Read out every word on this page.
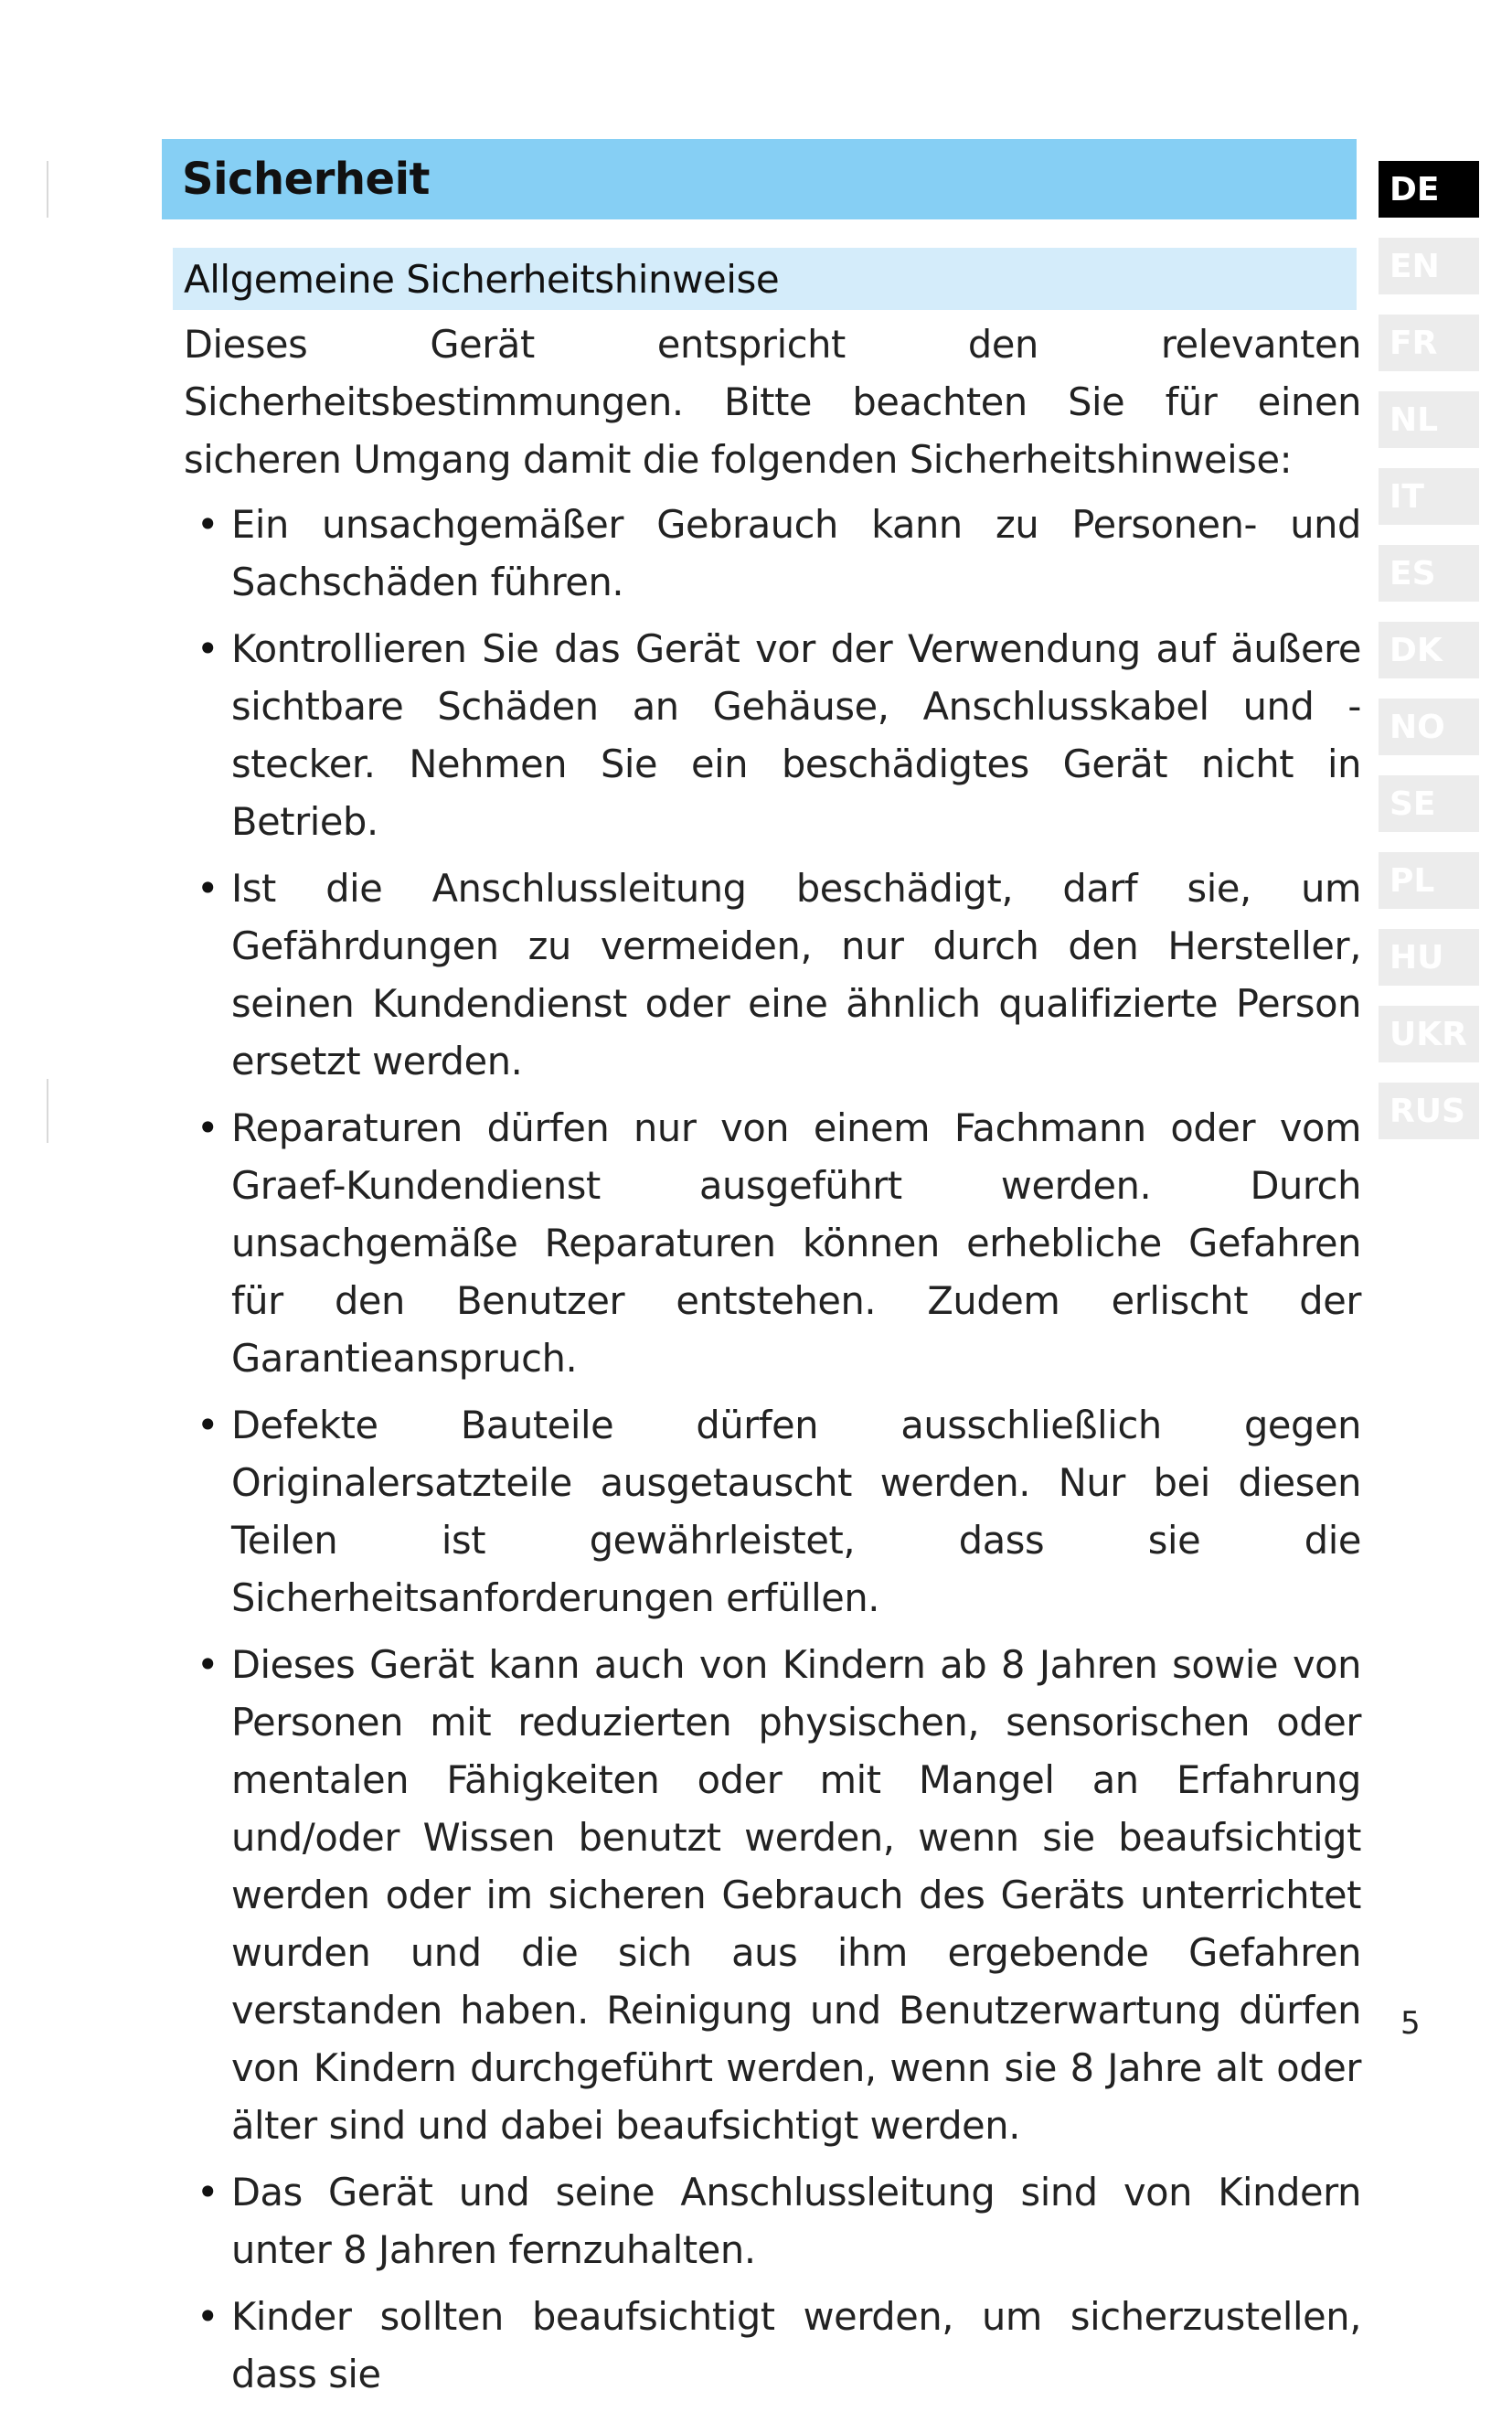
Sicherheit
Allgemeine Sicherheitshinweise

Dieses Gerät entspricht den relevanten Sicherheitsbestimmungen. Bitte beachten Sie für einen sicheren Umgang damit die folgenden Sicherheitshinweise:

• Ein unsachgemäßer Gebrauch kann zu Personen- und Sachschäden führen.
• Kontrollieren Sie das Gerät vor der Verwendung auf äußere sichtbare Schäden an Gehäuse, Anschlusskabel und -stecker. Nehmen Sie ein beschädigtes Gerät nicht in Betrieb.
• Ist die Anschlussleitung beschädigt, darf sie, um Gefährdungen zu vermeiden, nur durch den Hersteller, seinen Kundendienst oder eine ähnlich qualifizierte Person ersetzt werden.
• Reparaturen dürfen nur von einem Fachmann oder vom Graef-Kundendienst ausgeführt werden. Durch unsachgemäße Reparaturen können erhebliche Gefahren für den Benutzer entstehen. Zudem erlischt der Garantieanspruch.
• Defekte Bauteile dürfen ausschließlich gegen Originalersatzteile ausgetauscht werden. Nur bei diesen Teilen ist gewährleistet, dass sie die Sicherheitsanforderungen erfüllen.
• Dieses Gerät kann auch von Kindern ab 8 Jahren sowie von Personen mit reduzierten physischen, sensorischen oder mentalen Fähigkeiten oder mit Mangel an Erfahrung und/oder Wissen benutzt werden, wenn sie beaufsichtigt werden oder im sicheren Gebrauch des Geräts unterrichtet wurden und die sich aus ihm ergebende Gefahren verstanden haben. Reinigung und Benutzerwartung dürfen von Kindern durchgeführt werden, wenn sie 8 Jahre alt oder älter sind und dabei beaufsichtigt werden.
• Das Gerät und seine Anschlussleitung sind von Kindern unter 8 Jahren fernzuhalten.
• Kinder sollten beaufsichtigt werden, um sicherzustellen, dass sie
DE
EN
FR
NL
IT
ES
DK
NO
SE
PL
HU
UKR
RUS
5
